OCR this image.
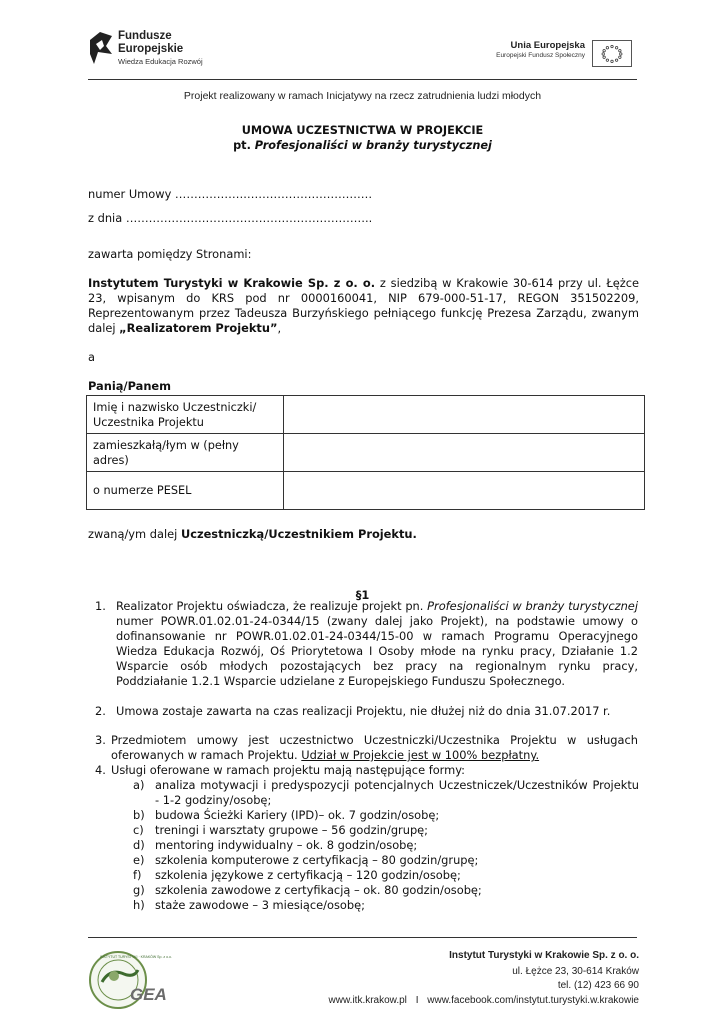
Fundusze
Europejskie
Wiedza Edukacja Rozwój
Unia Europejska
Europejski Fundusz Społeczny
Projekt realizowany w ramach Inicjatywy na rzecz zatrudnienia ludzi młodych
UMOWA UCZESTNICTWA W PROJEKCIE
pt. Profesjonaliści w branży turystycznej
numer Umowy ……………….……………………………
z dnia ………………………………………………………..
zawarta pomiędzy Stronami:
Instytutem Turystyki w Krakowie Sp. z o. o. z siedzibą w Krakowie 30-614 przy ul. Łężce 23, wpisanym do KRS pod nr 0000160041, NIP 679-000-51-17, REGON 351502209, Reprezentowanym przez Tadeusza Burzyńskiego pełniącego funkcję Prezesa Zarządu, zwanym dalej „Realizatorem Projektu”,
a
Panią/Panem
Imię i nazwisko Uczestniczki/ Uczestnika Projektu	
zamieszkałą/łym w (pełny adres)	
o numerze PESEL	
zwaną/ym dalej Uczestniczką/Uczestnikiem Projektu.
§1
1. Realizator Projektu oświadcza, że realizuje projekt pn. Profesjonaliści w branży turystycznej numer POWR.01.02.01-24-0344/15 (zwany dalej jako Projekt), na podstawie umowy o dofinansowanie nr POWR.01.02.01-24-0344/15-00 w ramach Programu Operacyjnego Wiedza Edukacja Rozwój, Oś Priorytetowa I Osoby młode na rynku pracy, Działanie 1.2 Wsparcie osób młodych pozostających bez pracy na regionalnym rynku pracy, Poddziałanie 1.2.1 Wsparcie udzielane z Europejskiego Funduszu Społecznego.
2. Umowa zostaje zawarta na czas realizacji Projektu, nie dłużej niż do dnia 31.07.2017 r.
3. Przedmiotem umowy jest uczestnictwo Uczestniczki/Uczestnika Projektu w usługach oferowanych w ramach Projektu. Udział w Projekcie jest w 100% bezpłatny.
4. Usługi oferowane w ramach projektu mają następujące formy:
a) analiza motywacji i predyspozycji potencjalnych Uczestniczek/Uczestników Projektu - 1-2 godziny/osobę;
b) budowa Ścieżki Kariery (IPD)– ok. 7 godzin/osobę;
c) treningi i warsztaty grupowe – 56 godzin/grupę;
d) mentoring indywidualny – ok. 8 godzin/osobę;
e) szkolenia komputerowe z certyfikacją – 80 godzin/grupę;
f) szkolenia językowe z certyfikacją – 120 godzin/osobę;
g) szkolenia zawodowe z certyfikacją – ok. 80 godzin/osobę;
h) staże zawodowe – 3 miesiące/osobę;
GEA
INSTYTUT TURYSTYKI · KRAKÓW Sp. z o.o.	Instytut Turystyki w Krakowie Sp. z o. o.
ul. Łężce 23, 30-614 Kraków
tel. (12) 423 66 90
www.itk.krakow.pl I www.facebook.com/instytut.turystyki.w.krakowie
